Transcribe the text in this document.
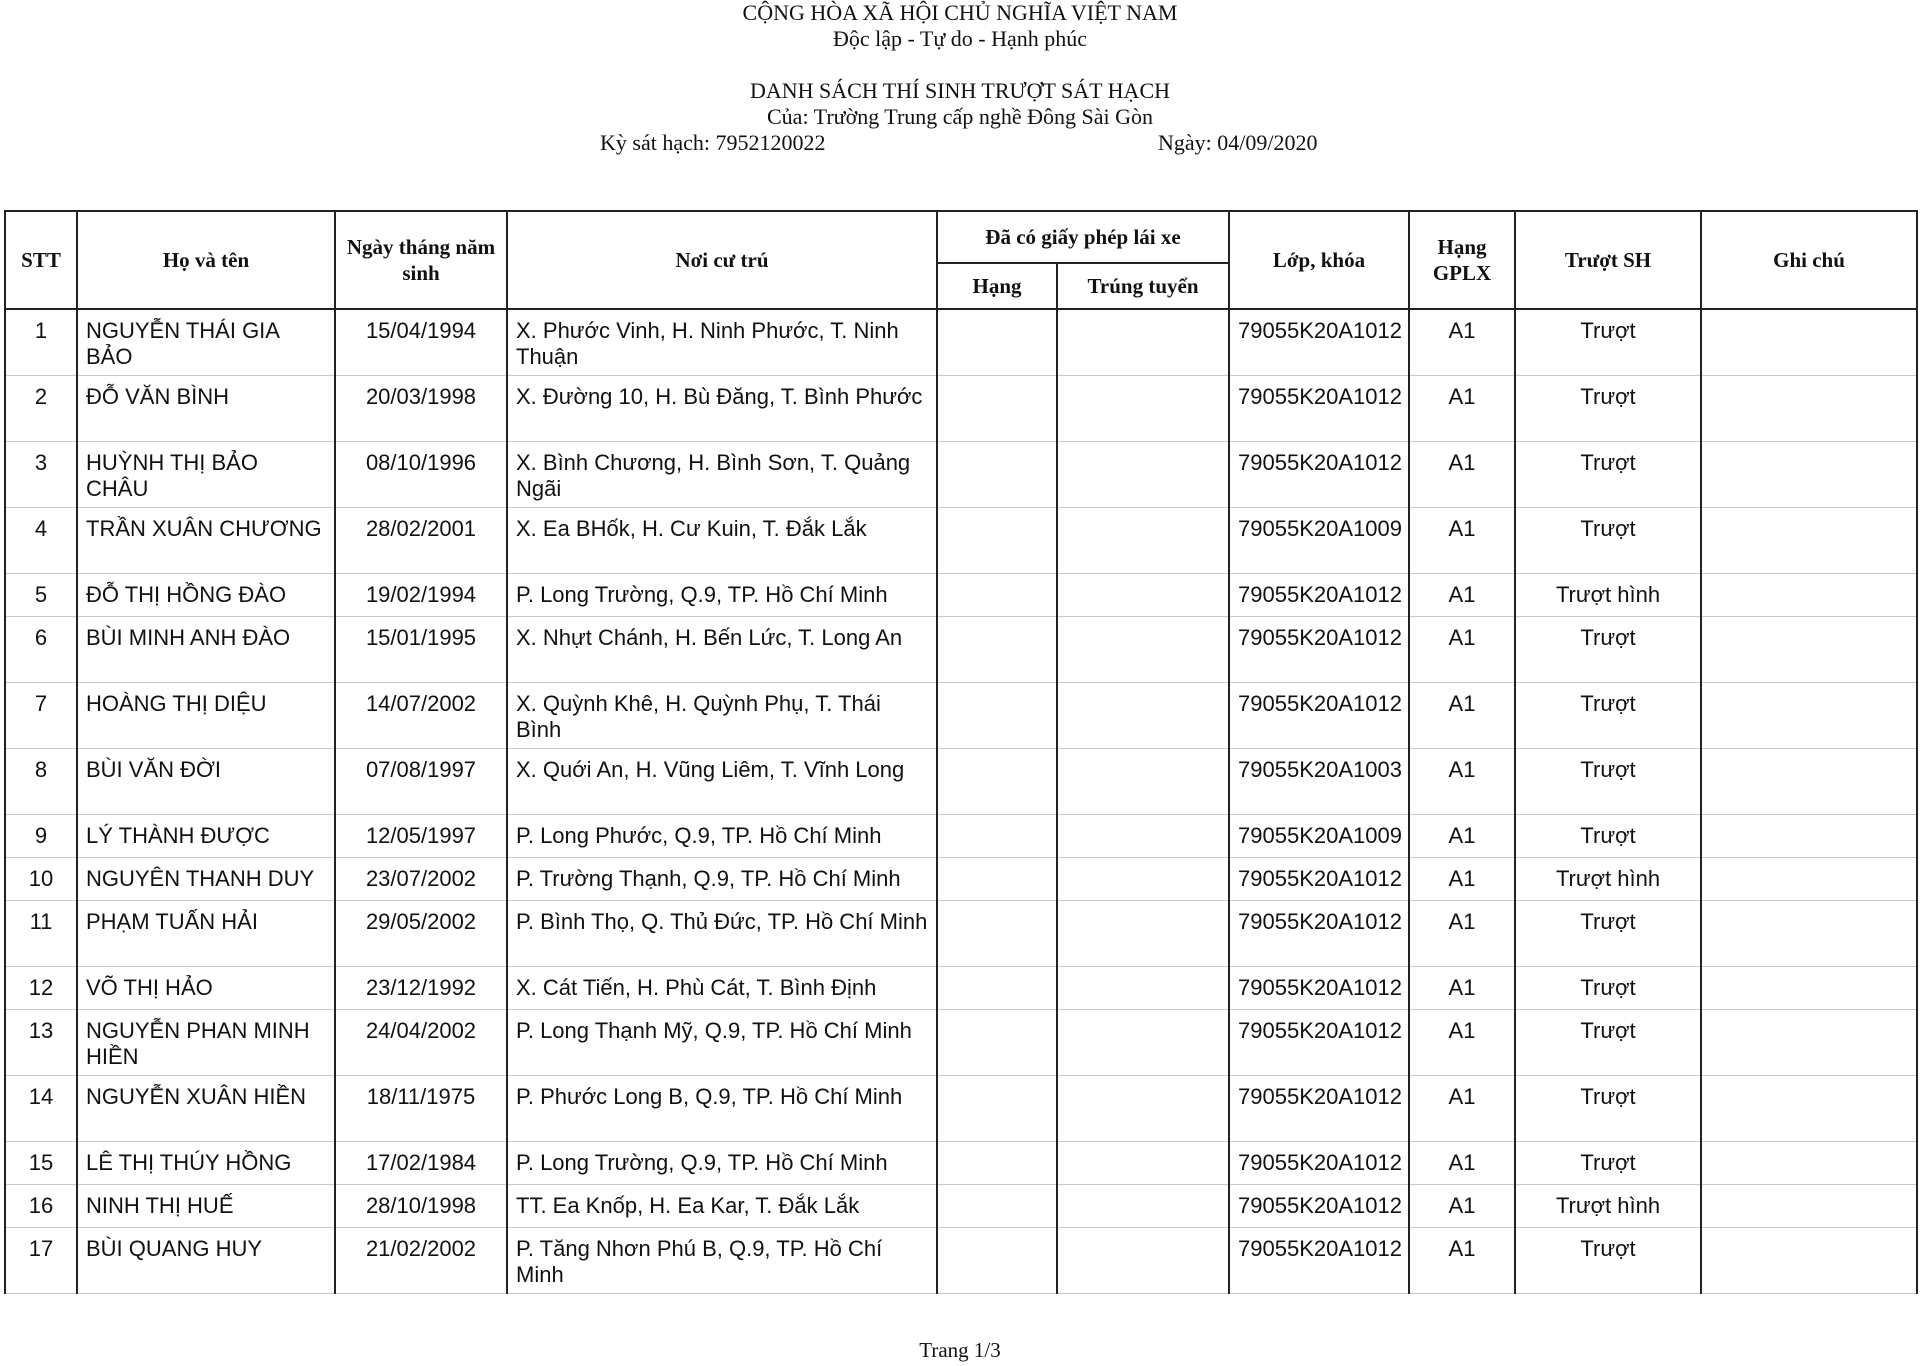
CỘNG HÒA XÃ HỘI CHỦ NGHĨA VIỆT NAM
Độc lập - Tự do - Hạnh phúc
DANH SÁCH THÍ SINH TRƯỢT SÁT HẠCH
Của: Trường Trung cấp nghề Đông Sài Gòn
Kỳ sát hạch: 7952120022	Ngày: 04/09/2020
STT	Họ và tên	Ngày tháng năm sinh	Nơi cư trú	Đã có giấy phép lái xe		Lớp, khóa	Hạng GPLX	Trượt SH	Ghi chú
				Hạng	Trúng tuyển				
1	NGUYỄN THÁI GIA BẢO	15/04/1994	X. Phước Vinh, H. Ninh Phước, T. Ninh Thuận			79055K20A1012	A1	Trượt	
2	ĐỖ VĂN BÌNH	20/03/1998	X. Đường 10, H. Bù Đăng, T. Bình Phước			79055K20A1012	A1	Trượt	
3	HUỲNH THỊ BẢO CHÂU	08/10/1996	X. Bình Chương, H. Bình Sơn, T. Quảng Ngãi			79055K20A1012	A1	Trượt	
4	TRẦN XUÂN CHƯƠNG	28/02/2001	X. Ea BHốk, H. Cư Kuin, T. Đắk Lắk			79055K20A1009	A1	Trượt	
5	ĐỖ THỊ HỒNG ĐÀO	19/02/1994	P. Long Trường, Q.9, TP. Hồ Chí Minh			79055K20A1012	A1	Trượt hình	
6	BÙI MINH ANH ĐÀO	15/01/1995	X. Nhựt Chánh, H. Bến Lức, T. Long An			79055K20A1012	A1	Trượt	
7	HOÀNG THỊ DIỆU	14/07/2002	X. Quỳnh Khê, H. Quỳnh Phụ, T. Thái Bình			79055K20A1012	A1	Trượt	
8	BÙI VĂN ĐỜI	07/08/1997	X. Quới An, H. Vũng Liêm, T. Vĩnh Long			79055K20A1003	A1	Trượt	
9	LÝ THÀNH ĐƯỢC	12/05/1997	P. Long Phước, Q.9, TP. Hồ Chí Minh			79055K20A1009	A1	Trượt	
10	NGUYÊN THANH DUY	23/07/2002	P. Trường Thạnh, Q.9, TP. Hồ Chí Minh			79055K20A1012	A1	Trượt hình	
11	PHẠM TUẤN HẢI	29/05/2002	P. Bình Thọ, Q. Thủ Đức, TP. Hồ Chí Minh			79055K20A1012	A1	Trượt	
12	VÕ THỊ HẢO	23/12/1992	X. Cát Tiến, H. Phù Cát, T. Bình Định			79055K20A1012	A1	Trượt	
13	NGUYỄN PHAN MINH HIỀN	24/04/2002	P. Long Thạnh Mỹ, Q.9, TP. Hồ Chí Minh			79055K20A1012	A1	Trượt	
14	NGUYỄN XUÂN HIỀN	18/11/1975	P. Phước Long B, Q.9, TP. Hồ Chí Minh			79055K20A1012	A1	Trượt	
15	LÊ THỊ THÚY HỒNG	17/02/1984	P. Long Trường, Q.9, TP. Hồ Chí Minh			79055K20A1012	A1	Trượt	
16	NINH THỊ HUẾ	28/10/1998	TT. Ea Knốp, H. Ea Kar, T. Đắk Lắk			79055K20A1012	A1	Trượt hình	
17	BÙI QUANG HUY	21/02/2002	P. Tăng Nhơn Phú B, Q.9, TP. Hồ Chí Minh			79055K20A1012	A1	Trượt	
Trang 1/3
